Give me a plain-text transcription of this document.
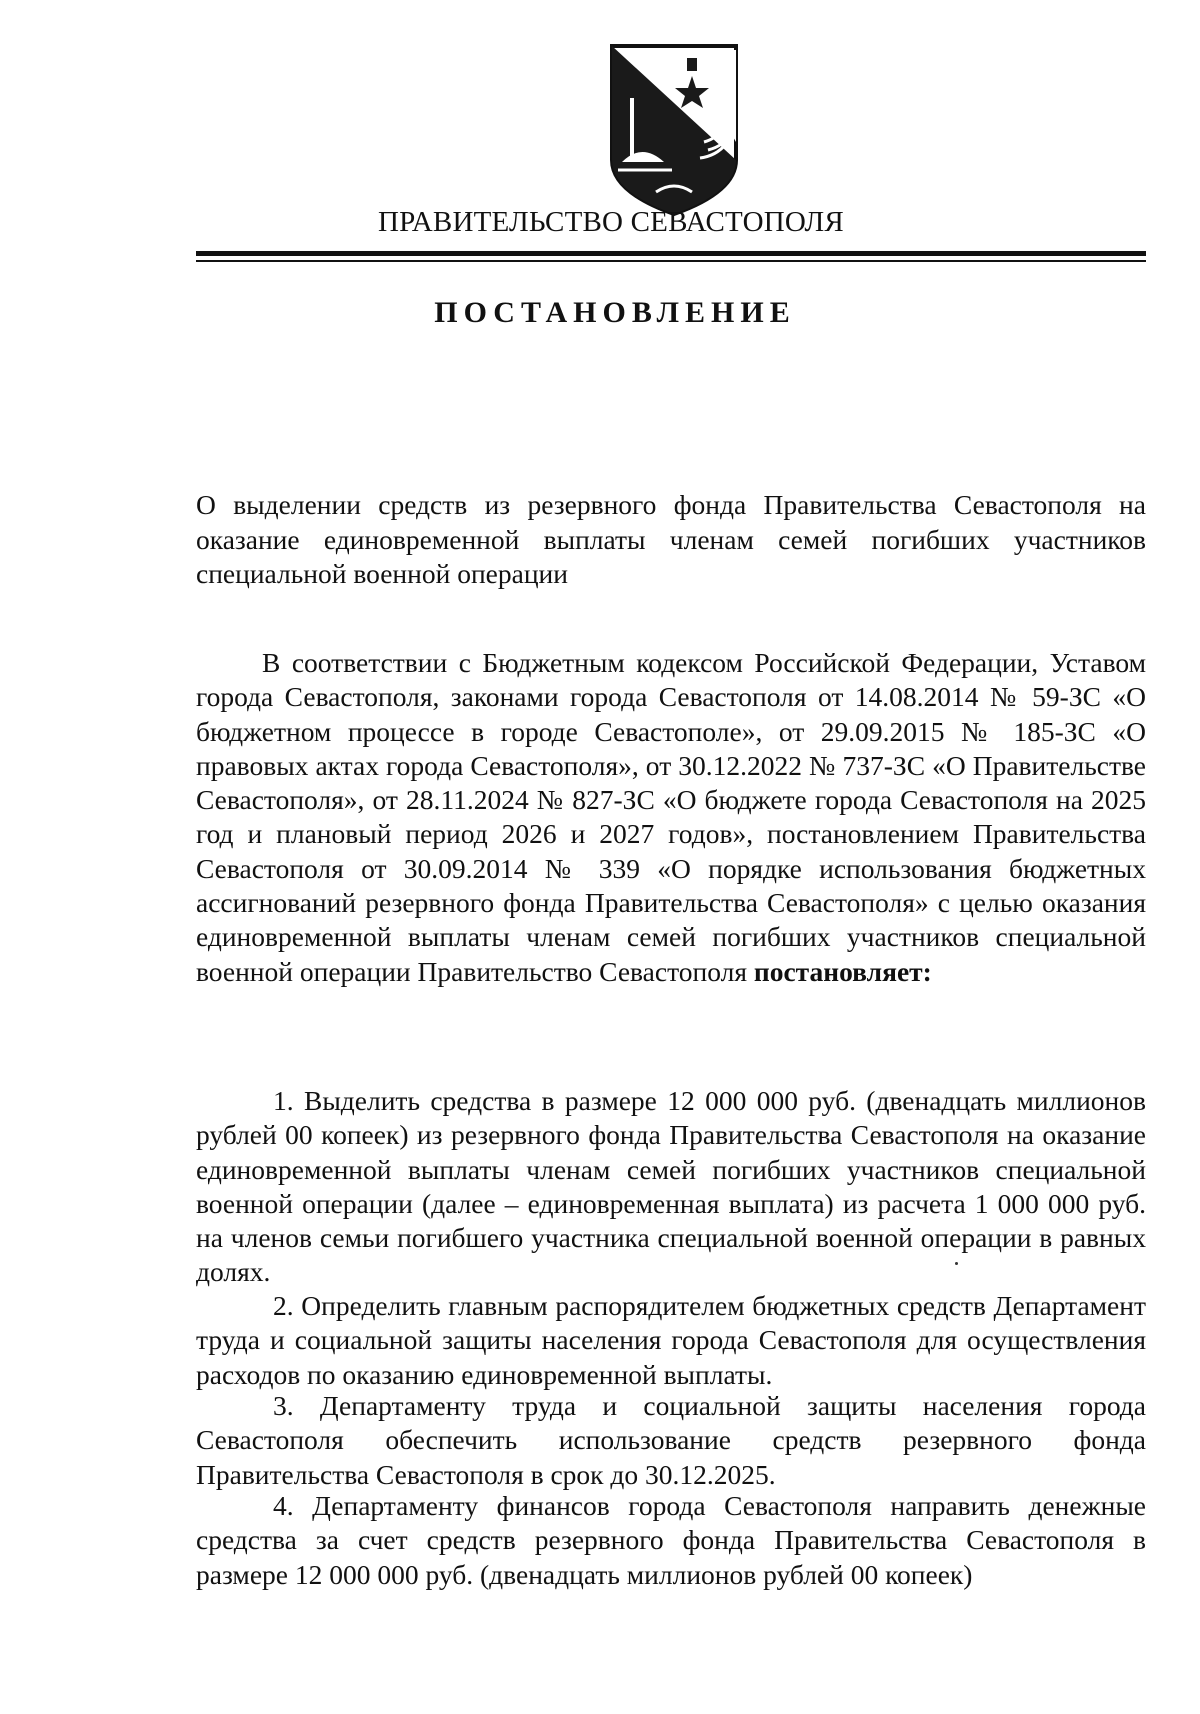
ПРАВИТЕЛЬСТВО СЕВАСТОПОЛЯ
ПОСТАНОВЛЕНИЕ

О выделении средств из резервного фонда Правительства Севастополя на оказание единовременной выплаты членам семей погибших участников специальной военной операции

В соответствии с Бюджетным кодексом Российской Федерации, Уставом города Севастополя, законами города Севастополя от 14.08.2014 № 59-ЗС «О бюджетном процессе в городе Севастополе», от 29.09.2015 № 185-ЗС «О правовых актах города Севастополя», от 30.12.2022 № 737-ЗС «О Правительстве Севастополя», от 28.11.2024 № 827-ЗС «О бюджете города Севастополя на 2025 год и плановый период 2026 и 2027 годов», постановлением Правительства Севастополя от 30.09.2014 № 339 «О порядке использования бюджетных ассигнований резервного фонда Правительства Севастополя» с целью оказания единовременной выплаты членам семей погибших участников специальной военной операции Правительство Севастополя постановляет:

1. Выделить средства в размере 12 000 000 руб. (двенадцать миллионов рублей 00 копеек) из резервного фонда Правительства Севастополя на оказание единовременной выплаты членам семей погибших участников специальной военной операции (далее – единовременная выплата) из расчета 1 000 000 руб. на членов семьи погибшего участника специальной военной операции в равных долях.

2. Определить главным распорядителем бюджетных средств Департамент труда и социальной защиты населения города Севастополя для осуществления расходов по оказанию единовременной выплаты.

3. Департаменту труда и социальной защиты населения города Севастополя обеспечить использование средств резервного фонда Правительства Севастополя в срок до 30.12.2025.

4. Департаменту финансов города Севастополя направить денежные средства за счет средств резервного фонда Правительства Севастополя в размере 12 000 000 руб. (двенадцать миллионов рублей 00 копеек)
